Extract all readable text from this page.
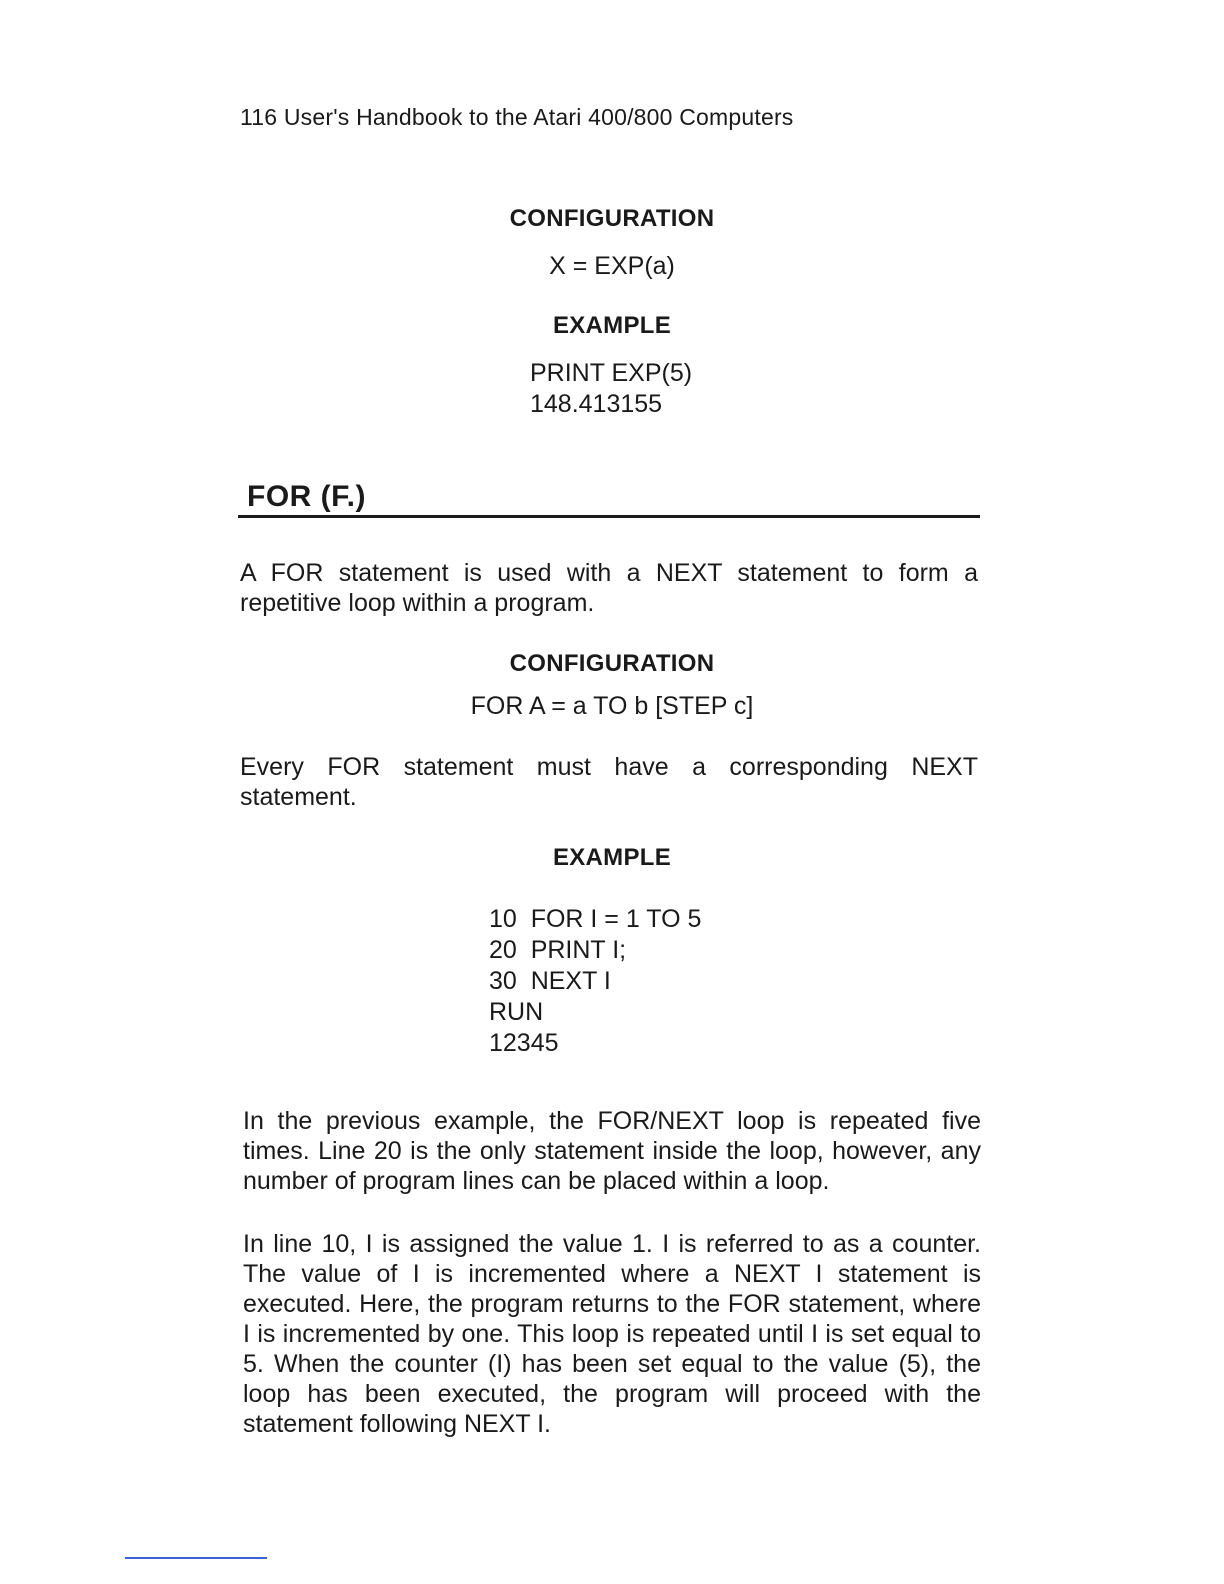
116 User's Handbook to the Atari 400/800 Computers
CONFIGURATION
X = EXP(a)
EXAMPLE
PRINT EXP(5)
148.413155
FOR (F.)

A FOR statement is used with a NEXT statement to form a repetitive loop within a program.

CONFIGURATION
FOR A = a TO b [STEP c]

Every FOR statement must have a corresponding NEXT statement.

EXAMPLE
10  FOR I = 1 TO 5
20  PRINT I;
30  NEXT I
RUN
12345

In the previous example, the FOR/NEXT loop is repeated five times. Line 20 is the only statement inside the loop, however, any number of program lines can be placed within a loop.

In line 10, I is assigned the value 1. I is referred to as a counter. The value of I is incremented where a NEXT I statement is executed. Here, the program returns to the FOR statement, where I is incremented by one. This loop is repeated until I is set equal to 5. When the counter (I) has been set equal to the value (5), the loop has been executed, the program will proceed with the statement following NEXT I.
